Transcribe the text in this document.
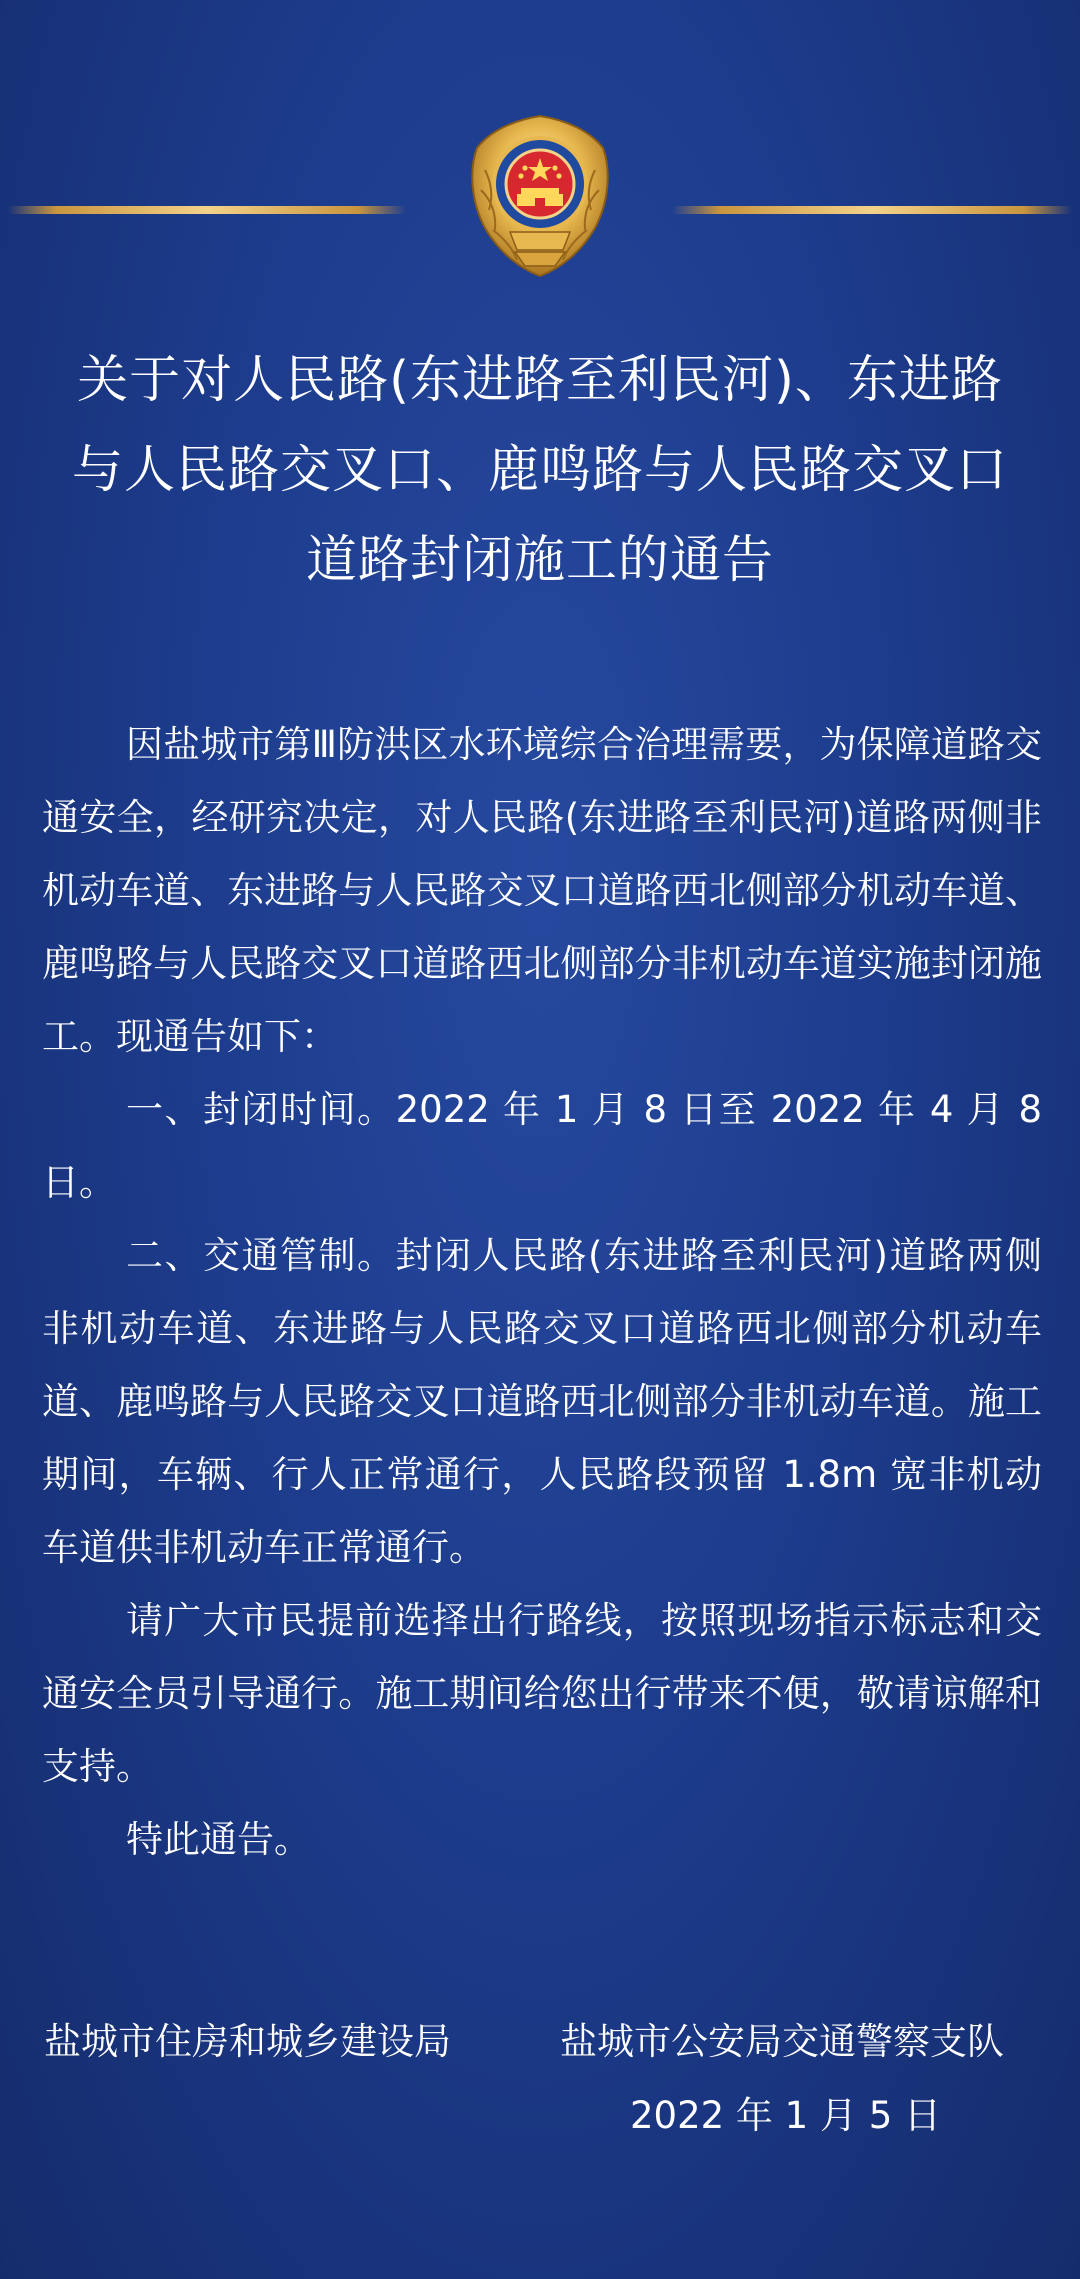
关于对人民路(东进路至利民河)、东进路
与人民路交叉口、鹿鸣路与人民路交叉口
道路封闭施工的通告

因盐城市第Ⅲ防洪区水环境综合治理需要，为保障道路交通安全，经研究决定，对人民路(东进路至利民河)道路两侧非机动车道、东进路与人民路交叉口道路西北侧部分机动车道、鹿鸣路与人民路交叉口道路西北侧部分非机动车道实施封闭施工。现通告如下：

一、封闭时间。2022 年 1 月 8 日至 2022 年 4 月 8 日。

二、交通管制。封闭人民路(东进路至利民河)道路两侧非机动车道、东进路与人民路交叉口道路西北侧部分机动车道、鹿鸣路与人民路交叉口道路西北侧部分非机动车道。施工期间，车辆、行人正常通行，人民路段预留 1.8m 宽非机动车道供非机动车正常通行。

请广大市民提前选择出行路线，按照现场指示标志和交通安全员引导通行。施工期间给您出行带来不便，敬请谅解和支持。

特此通告。

盐城市住房和城乡建设局	盐城市公安局交通警察支队
2022 年 1 月 5 日
